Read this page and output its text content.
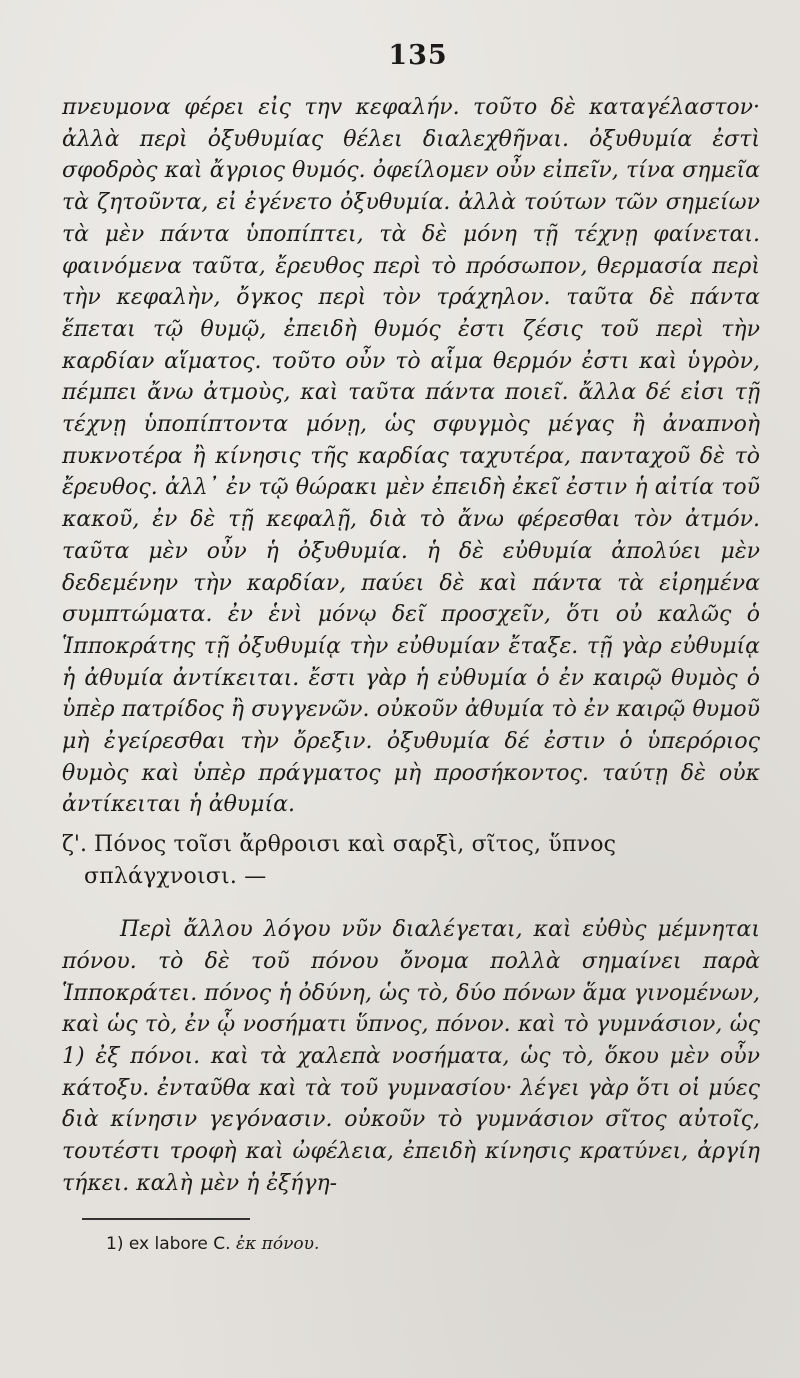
135

πνευμονα φέρει εἰς τηv κεφαλήν. τοῦτο δὲ καταγέλαστον· ἀλλὰ περὶ ὀξυθυμίας θέλει διαλεχθῆναι. ὀξυθυμία ἐστὶ σφοδρὸς καὶ ἄγριος θυμός. ὀφείλομεν οὖν εἰπεῖν, τίνα σημεῖα τὰ ζητοῦντα, εἰ ἐγένετο ὀξυθυμία. ἀλλὰ τούτων τῶν σημείων τὰ μὲν πάντα ὑποπίπτει, τὰ δὲ μόνη τῇ τέχνῃ φαίνεται. φαινόμενα ταῦτα, ἔρευθος περὶ τὸ πρόσωπον, θερμασία περὶ τὴν κεφαλὴν, ὄγκος περὶ τὸν τράχηλον. ταῦτα δὲ πάντα ἕπεται τῷ θυμῷ, ἐπειδὴ θυμός ἐστι ζέσις τοῦ περὶ τὴν καρδίαν αἵματος. τοῦτο οὖν τὸ αἷμα θερμόν ἐστι καὶ ὑγρὸν, πέμπει ἄνω ἀτμοὺς, καὶ ταῦτα πάντα ποιεῖ. ἄλλα δέ εἰσι τῇ τέχνῃ ὑποπίπτοντα μόνῃ, ὡς σφυγμὸς μέγας ἢ ἀναπνοὴ πυκνοτέρα ἢ κίνησις τῆς καρδίας ταχυτέρα, πανταχοῦ δὲ τὸ ἔρευθος. ἀλλ᾽ ἐν τῷ θώρακι μὲν ἐπειδὴ ἐκεῖ ἐστιν ἡ αἰτία τοῦ κακοῦ, ἐν δὲ τῇ κεφαλῇ, διὰ τὸ ἄνω φέρεσθαι τὸν ἀτμόν. ταῦτα μὲν οὖν ἡ ὀξυθυμία. ἡ δὲ εὐθυμία ἀπολύει μὲν δεδεμένην τὴν καρδίαν, παύει δὲ καὶ πάντα τὰ εἰρημένα συμπτώματα. ἐν ἑνὶ μόνῳ δεῖ προσχεῖν, ὅτι οὐ καλῶς ὁ Ἱπποκράτης τῇ ὀξυθυμίᾳ τὴν εὐθυμίαν ἔταξε. τῇ γὰρ εὐθυμίᾳ ἡ ἀθυμία ἀντίκειται. ἔστι γὰρ ἡ εὐθυμία ὁ ἐν καιρῷ θυμὸς ὁ ὑπὲρ πατρίδος ἢ συγγενῶν. οὐκοῦν ἀθυμία τὸ ἐν καιρῷ θυμοῦ μὴ ἐγείρεσθαι τὴν ὄρεξιν. ὀξυθυμία δέ ἐστιν ὁ ὑπερόριος θυμὸς καὶ ὑπὲρ πράγματος μὴ προσήκοντος. ταύτῃ δὲ οὐκ ἀντίκειται ἡ ἀθυμία.

ζ'. Πόνος τοῖσι ἄρθροισι καὶ σαρξὶ, σῖτος, ὕπνος σπλάγχνοισι. —

Περὶ ἄλλου λόγου νῦν διαλέγεται, καὶ εὐθὺς μέμνηται πόνου. τὸ δὲ τοῦ πόνου ὄνομα πολλὰ σημαίνει παρὰ Ἱπποκράτει. πόνος ἡ ὀδύνη, ὡς τὸ, δύο πόνων ἅμα γινομένων, καὶ ὡς τὸ, ἐν ᾧ νοσήματι ὕπνος, πόνον. καὶ τὸ γυμνάσιον, ὡς 1) ἐξ πόνοι. καὶ τὰ χαλεπὰ νοσήματα, ὡς τὸ, ὅκου μὲν οὖν κάτοξυ. ἐνταῦθα καὶ τὰ τοῦ γυμνασίου· λέγει γὰρ ὅτι οἱ μύες διὰ κίνησιν γεγόνασιν. οὐκοῦν τὸ γυμνάσιον σῖτος αὐτοῖς, τουτέστι τροφὴ καὶ ὠφέλεια, ἐπειδὴ κίνησις κρατύνει, ἀργίη τήκει. καλὴ μὲν ἡ ἐξήγη-

1) ex labore C. ἐκ πόνου.
